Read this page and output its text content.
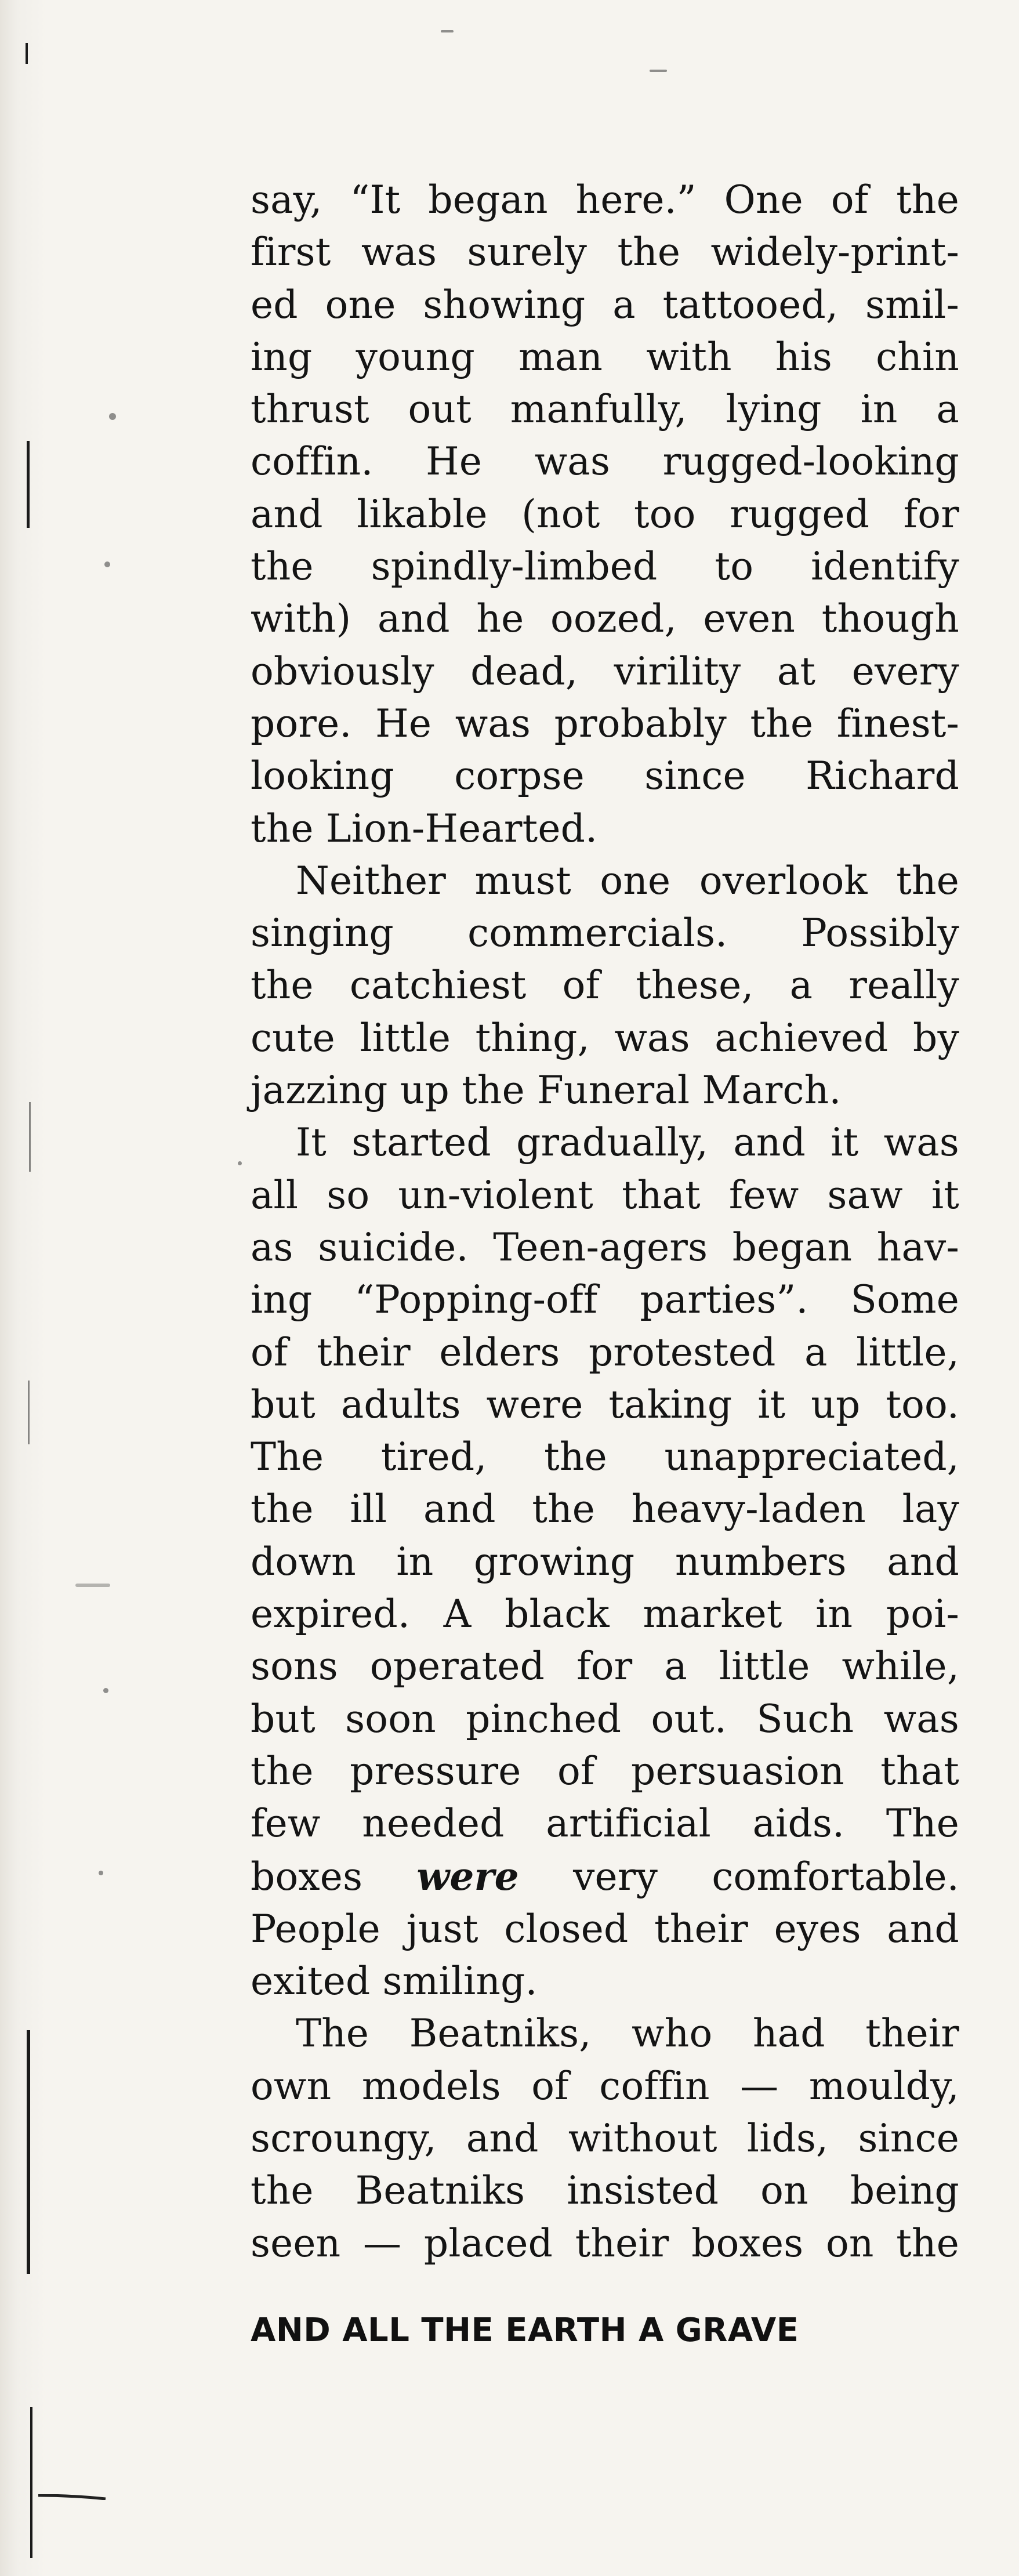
say, “It began here.” One of the
first was surely the widely-print-
ed one showing a tattooed, smil-
ing young man with his chin
thrust out manfully, lying in a
coffin. He was rugged-looking
and likable (not too rugged for
the spindly-limbed to identify
with) and he oozed, even though
obviously dead, virility at every
pore. He was probably the finest-
looking corpse since Richard
the Lion-Hearted.

Neither must one overlook the
singing commercials. Possibly
the catchiest of these, a really
cute little thing, was achieved by
jazzing up the Funeral March.

It started gradually, and it was
all so un-violent that few saw it
as suicide. Teen-agers began hav-
ing “Popping-off parties”. Some
of their elders protested a little,
but adults were taking it up too.
The tired, the unappreciated,
the ill and the heavy-laden lay
down in growing numbers and
expired. A black market in poi-
sons operated for a little while,
but soon pinched out. Such was
the pressure of persuasion that
few needed artificial aids. The
boxes were very comfortable.
People just closed their eyes and
exited smiling.

The Beatniks, who had their
own models of coffin — mouldy,
scroungy, and without lids, since
the Beatniks insisted on being
seen — placed their boxes on the

AND ALL THE EARTH A GRAVE
